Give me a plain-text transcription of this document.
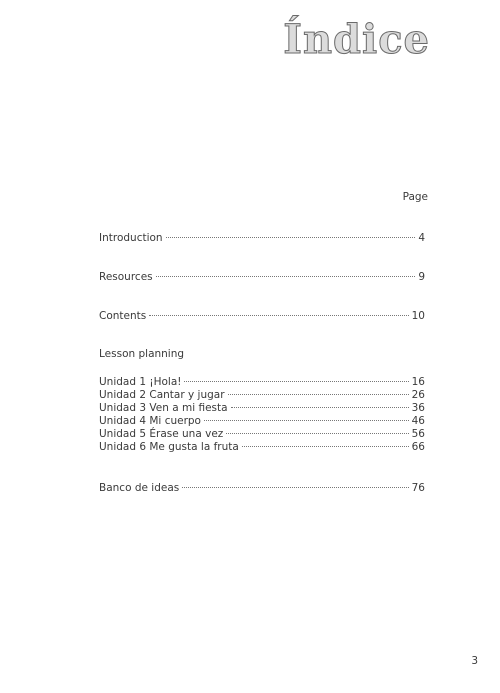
Índice
Page
Introduction	4
Resources	9
Contents	10
Lesson planning
Unidad 1 ¡Hola!	16
Unidad 2 Cantar y jugar	26
Unidad 3 Ven a mi fiesta	36
Unidad 4 Mi cuerpo	46
Unidad 5 Érase una vez	56
Unidad 6 Me gusta la fruta	66
Banco de ideas	76
3
